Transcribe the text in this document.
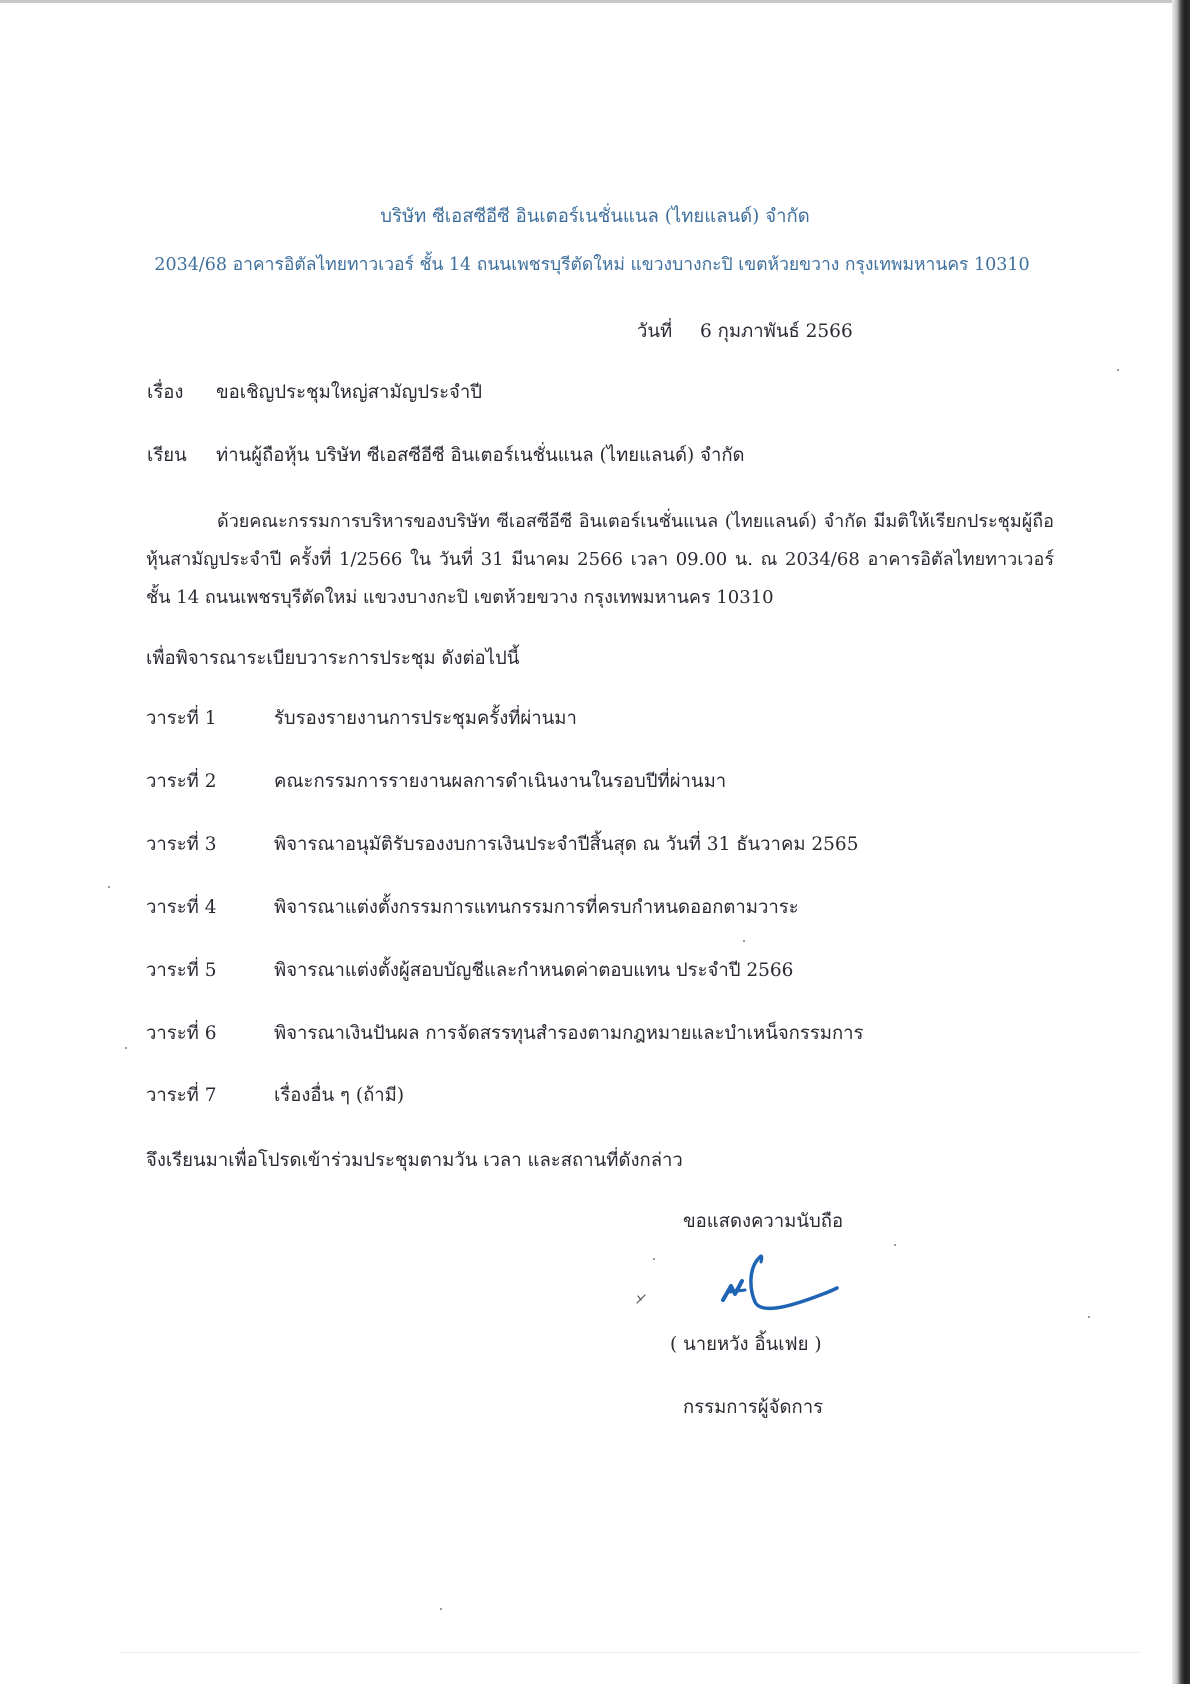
บริษัท ซีเอสซีอีซี อินเตอร์เนชั่นแนล (ไทยแลนด์) จำกัด
2034/68 อาคารอิตัลไทยทาวเวอร์ ชั้น 14 ถนนเพชรบุรีตัดใหม่ แขวงบางกะปิ เขตห้วยขวาง กรุงเทพมหานคร 10310
วันที่ 6 กุมภาพันธ์ 2566
เรื่อง ขอเชิญประชุมใหญ่สามัญประจำปี
เรียน ท่านผู้ถือหุ้น บริษัท ซีเอสซีอีซี อินเตอร์เนชั่นแนล (ไทยแลนด์) จำกัด
ด้วยคณะกรรมการบริหารของบริษัท ซีเอสซีอีซี อินเตอร์เนชั่นแนล (ไทยแลนด์) จำกัด มีมติให้เรียกประชุมผู้ถือหุ้นสามัญประจำปี ครั้งที่ 1/2566 ใน วันที่ 31 มีนาคม 2566 เวลา 09.00 น. ณ 2034/68 อาคารอิตัลไทยทาวเวอร์ ชั้น 14 ถนนเพชรบุรีตัดใหม่ แขวงบางกะปิ เขตห้วยขวาง กรุงเทพมหานคร 10310
เพื่อพิจารณาระเบียบวาระการประชุม ดังต่อไปนี้
วาระที่ 1	รับรองรายงานการประชุมครั้งที่ผ่านมา
วาระที่ 2	คณะกรรมการรายงานผลการดำเนินงานในรอบปีที่ผ่านมา
วาระที่ 3	พิจารณาอนุมัติรับรองงบการเงินประจำปีสิ้นสุด ณ วันที่ 31 ธันวาคม 2565
วาระที่ 4	พิจารณาแต่งตั้งกรรมการแทนกรรมการที่ครบกำหนดออกตามวาระ
วาระที่ 5	พิจารณาแต่งตั้งผู้สอบบัญชีและกำหนดค่าตอบแทน ประจำปี 2566
วาระที่ 6	พิจารณาเงินปันผล การจัดสรรทุนสำรองตามกฎหมายและบำเหน็จกรรมการ
วาระที่ 7	เรื่องอื่น ๆ (ถ้ามี)
จึงเรียนมาเพื่อโปรดเข้าร่วมประชุมตามวัน เวลา และสถานที่ดังกล่าว
ขอแสดงความนับถือ
( นายหวัง อิ้นเฟย )
กรรมการผู้จัดการ
